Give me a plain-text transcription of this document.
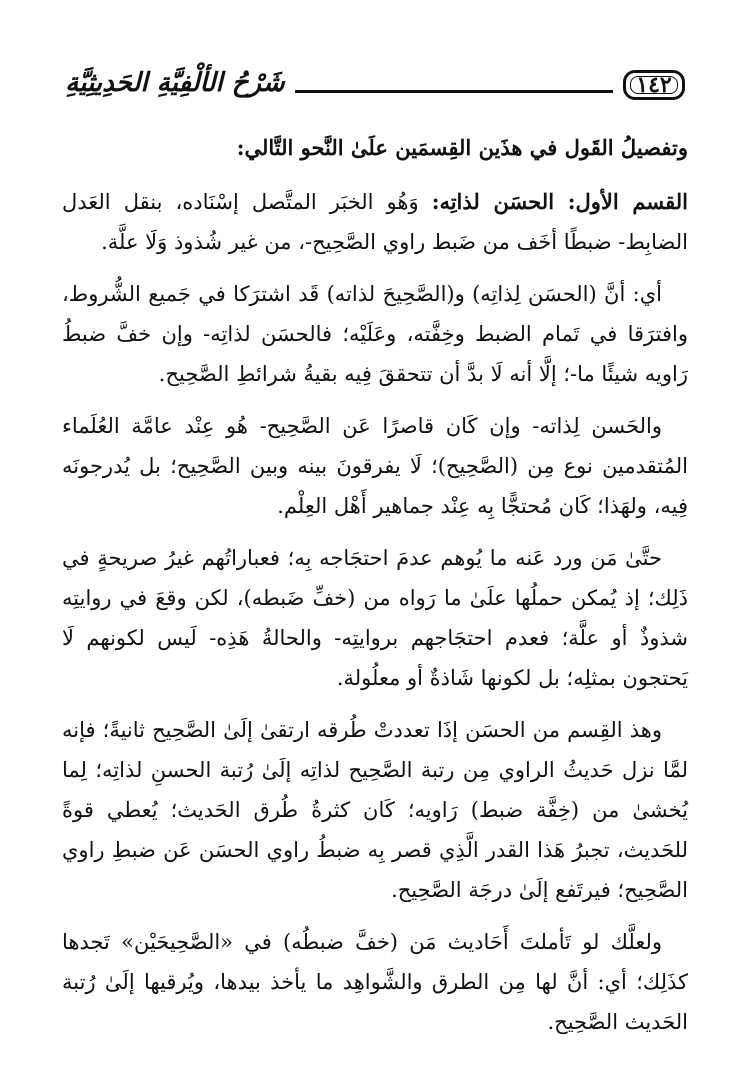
شَرْحُ الألْفِيَّةِ الحَدِيثِيَّةِ	١٤٢

وتفصيلُ القَول في هذَين القِسمَين علَىٰ النَّحو التَّالي:

القسم الأول: الحسَن لذاتِه: وَهُو الخبَر المتَّصل إسْنَاده، بنقل العَدل الضابِط- ضبطًا أخَف من ضَبط راوي الصَّحِيح-، من غير شُذوذ وَلَا علَّة.

أي: أنَّ (الحسَن لِذاتِه) و(الصَّحِيحَ لذاته) قَد اشترَكا في جَميع الشُّروط، وافترَقا في تَمام الضبط وخِفَّته، وعَلَيْه؛ فالحسَن لذاتِه- وإن خفَّ ضبطُ رَاويه شيئًا ما-؛ إلَّا أنه لَا بدَّ أن تتحققَ فِيه بقيةُ شرائطِ الصَّحِيح.

والحَسن لِذاته- وإن كَان قاصرًا عَن الصَّحِيح- هُو عِنْد عامَّة العُلَماء المُتقدمين نوع مِن (الصَّحِيح)؛ لَا يفرقونَ بينه وبين الصَّحِيح؛ بل يُدرجونَه فِيه، ولهَذا؛ كَان مُحتجًّا بِه عِنْد جماهير أَهْل العِلْم.

حتَّىٰ مَن ورد عَنه ما يُوهم عدمَ احتجَاجه بِه؛ فعباراتُهم غيرُ صريحةٍ في ذَلِك؛ إذ يُمكن حملُها علَىٰ ما رَواه من (خفِّ ضَبطه)، لكن وقعَ في روايتِه شذوذٌ أو علَّة؛ فعدم احتجَاجهم بروايتِه- والحالةُ هَذِه- لَيس لكونهم لَا يَحتجون بمثلِه؛ بل لكونها شَاذةٌ أو معلُولة.

وهذ القِسم من الحسَن إذَا تعددتْ طُرقه ارتقىٰ إلَىٰ الصَّحِيح ثانيةً؛ فإنه لمَّا نزل حَديثُ الراوي مِن رتبة الصَّحِيح لذاتِه إلَىٰ رُتبة الحسنِ لذاتِه؛ لِما يُخشىٰ من (خِفَّة ضبط) رَاويه؛ كَان كثرةُ طُرق الحَديث؛ يُعطي قوةً للحَديث، تجبرُ هَذا القدر الَّذِي قصر بِه ضبطُ راوي الحسَن عَن ضبطِ راوي الصَّحِيح؛ فيرتَفع إلَىٰ درجَة الصَّحِيح.

ولعلَّك لو تَأملتَ أَحَاديث مَن (خفَّ ضبطُه) في «الصَّحِيحَيْن» تَجدها كذَلِك؛ أي: أنَّ لها مِن الطرق والشَّواهِد ما يأخذ بيدها، ويُرقيها إلَىٰ رُتبة الحَديث الصَّحِيح.
